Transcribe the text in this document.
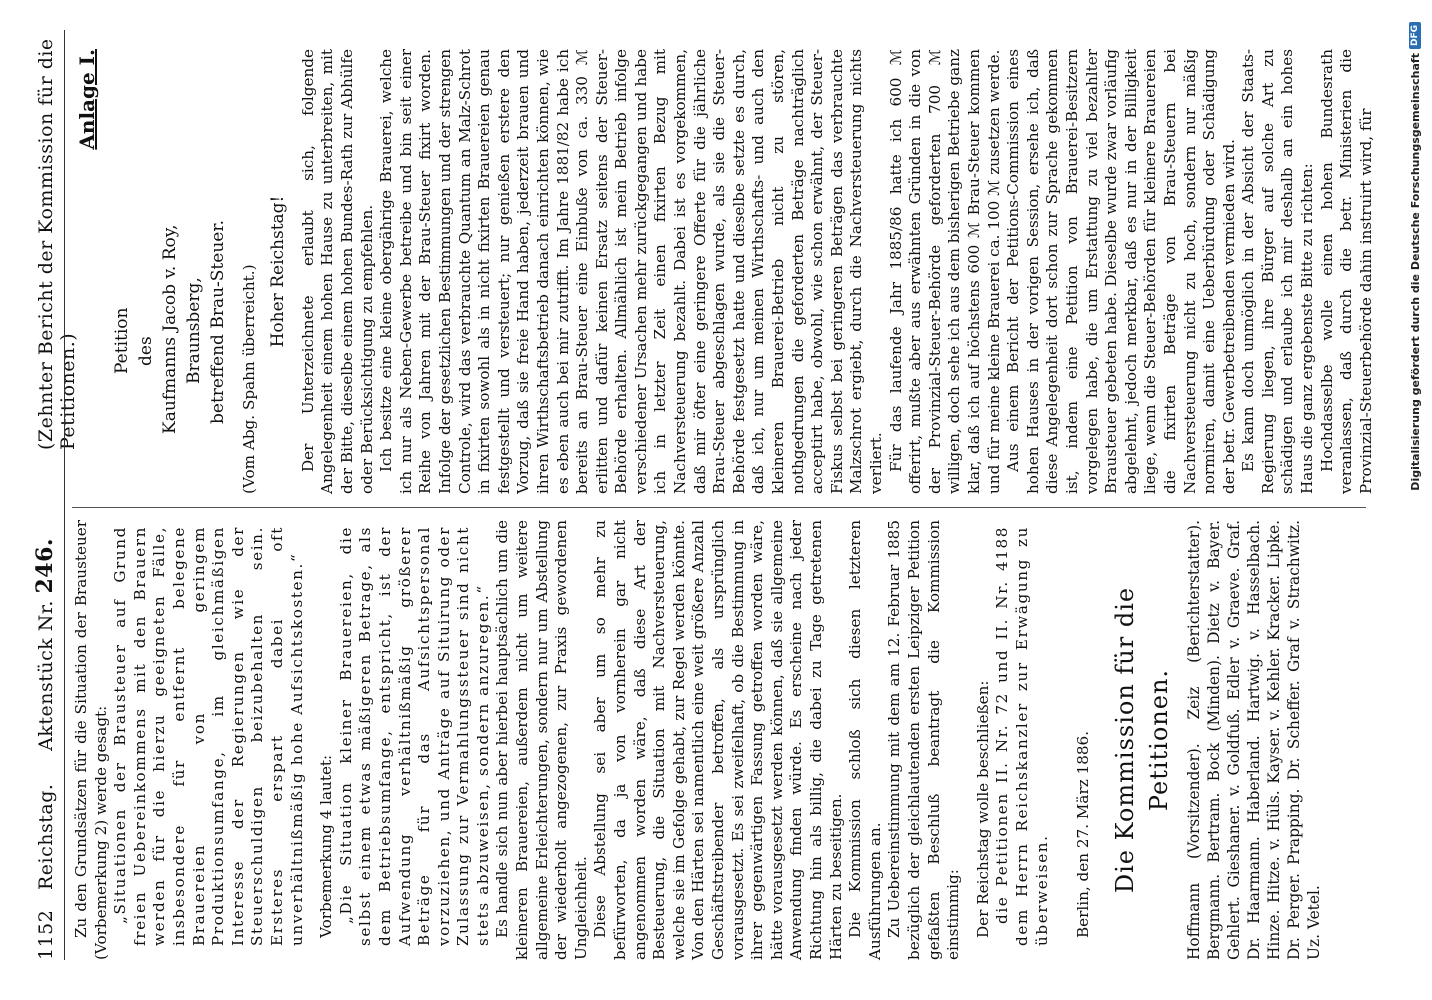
1152
Reichstag.     Aktenstück Nr. 246.
(Zehnter Bericht der Kommission für die Petitionen.)

Zu den Grundsätzen für die Situation der Brausteuer (Vorbemerkung 2) werde gesagt: „Situationen der Brausteuer auf Grund freien Uebereinkommens mit den Brauern werden für die hierzu geeigneten Fälle, insbesondere für entfernt belegene Brauereien von geringem Produktionsumfange, im gleichmäßigen Interesse der Regierungen wie der Steuerschuldigen beizubehalten sein. Ersteres erspart dabei oft unverhältnißmäßig hohe Aufsichtskosten.“ Vorbemerkung 4 lautet: „Die Situation kleiner Brauereien, die selbst einem etwas mäßigeren Betrage, als dem Betriebsumfange, entspricht, ist der Aufwendung verhältnißmäßig größerer Beträge für das Aufsichtspersonal vorzuziehen, und Anträge auf Situirung oder Zulassung zur Vermahlungssteuer sind nicht stets abzuweisen, sondern anzuregen.“ Es handle sich nun aber hierbei hauptsächlich um die kleineren Brauereien, außerdem nicht um weitere allgemeine Erleichterungen, sondern nur um Abstellung der wiederholt angezogenen, zur Praxis gewordenen Ungleichheit. Diese Abstellung sei aber um so mehr zu befürworten, da ja von vornherein gar nicht angenommen worden wäre, daß diese Art der Besteuerung, die Situation mit Nachversteuerung, welche sie im Gefolge gehabt, zur Regel werden könnte. Von den Härten sei namentlich eine weit größere Anzahl Geschäftstreibender betroffen, als ursprünglich vorausgesetzt. Es sei zweifelhaft, ob die Bestimmung in ihrer gegenwärtigen Fassung getroffen worden wäre, hätte vorausgesetzt werden können, daß sie allgemeine Anwendung finden würde. Es erscheine nach jeder Richtung hin als billig, die dabei zu Tage getretenen Härten zu beseitigen. Die Kommission schloß sich diesen letzteren Ausführungen an. Zu Uebereinstimmung mit dem am 12. Februar 1885 bezüglich der gleichlautenden ersten Leipziger Petition gefaßten Beschluß beantragt die Kommission einstimmig: Der Reichstag wolle beschließen: die Petitionen II. Nr. 72 und II. Nr. 4188 dem Herrn Reichskanzler zur Erwägung zu überweisen. Berlin, den 27. März 1886. Die Kommission für die Petitionen. Hoffmann (Vorsitzender). Zeiz (Berichterstatter). Bergmann. Bertram. Bock (Minden). Dietz v. Bayer. Gehlert. Gieshaner. v. Goldfuß. Edler v. Graeve. Graf. Dr. Haarmann. Haberland. Hartwig. v. Hasselbach. Hinze. Hitze. v. Hüls. Kayser. v. Kehler. Kracker. Lipke. Dr. Perger. Prapping. Dr. Scheffer. Graf v. Strachwitz. Uz. Vetel.

Anlage I.

Petition des Kaufmanns Jacob v. Roy, Braunsberg, betreffend Brau-Steuer. (Vom Abg. Spahn überreicht.) Hoher Reichstag! Der Unterzeichnete erlaubt sich, folgende Angelegenheit einem hohen Hause zu unterbreiten, mit der Bitte, dieselbe einem hohen Bundes-Rath zur Abhülfe oder Berücksichtigung zu empfehlen. Ich besitze eine kleine obergährige Brauerei, welche ich nur als Neben-Gewerbe betreibe und bin seit einer Reihe von Jahren mit der Brau-Steuer fixirt worden. Infolge der gesetzlichen Bestimmungen und der strengen Controle, wird das verbrauchte Quantum an Malz-Schrot in fixirten sowohl als in nicht fixirten Brauereien genau festgestellt und versteuert; nur genießen erstere den Vorzug, daß sie freie Hand haben, jederzeit brauen und ihren Wirthschaftsbetrieb danach einrichten können, wie es eben auch bei mir zutrifft. Im Jahre 1881/82 habe ich bereits an Brau-Steuer eine Einbuße von ca. 330 ℳ erlitten und dafür keinen Ersatz seitens der Steuer-Behörde erhalten. Allmählich ist mein Betrieb infolge verschiedener Ursachen mehr zurückgegangen und habe ich in letzter Zeit einen fixirten Bezug mit Nachversteuerung bezahlt. Dabei ist es vorgekommen, daß mir öfter eine geringere Offerte für die jährliche Brau-Steuer abgeschlagen wurde, als sie die Steuer-Behörde festgesetzt hatte und dieselbe setzte es durch, daß ich, nur um meinen Wirthschafts- und auch den kleineren Brauerei-Betrieb nicht zu stören, nothgedrungen die geforderten Beträge nachträglich acceptirt habe, obwohl, wie schon erwähnt, der Steuer-Fiskus selbst bei geringeren Beträgen das verbrauchte Malzschrot ergiebt, durch die Nachversteuerung nichts verliert. Für das laufende Jahr 1885/86 hatte ich 600 ℳ offerirt, mußte aber aus erwähnten Gründen in die von der Provinzial-Steuer-Behörde geforderten 700 ℳ willigen, doch sehe ich aus dem bisherigen Betriebe ganz klar, daß ich auf höchstens 600 ℳ Brau-Steuer kommen und für meine kleine Brauerei ca. 100 ℳ zusetzen werde. Aus einem Bericht der Petitions-Commission eines hohen Hauses in der vorigen Session, ersehe ich, daß diese Angelegenheit dort schon zur Sprache gekommen ist, indem eine Petition von Brauerei-Besitzern vorgelegen habe, die um Erstattung zu viel bezahlter Brausteuer gebeten habe. Dieselbe wurde zwar vorläufig abgelehnt, jedoch merkbar, daß es nur in der Billigkeit liege, wenn die Steuer-Behörden für kleinere Brauereien die fixirten Beträge von Brau-Steuern bei Nachversteuerung nicht zu hoch, sondern nur mäßig normiren, damit eine Ueberbürdung oder Schädigung der betr. Gewerbetreibenden vermieden wird. Es kann doch unmöglich in der Absicht der Staats-Regierung liegen, ihre Bürger auf solche Art zu schädigen und erlaube ich mir deshalb an ein hohes Haus die ganz ergebenste Bitte zu richten: Hochdasselbe wolle einen hohen Bundesrath veranlassen, daß durch die betr. Ministerien die Provinzial-Steuerbehörde dahin instruirt wird, für	Digitalisierung gefördert durch die Deutsche Forschungsgemeinschaft
DFG
